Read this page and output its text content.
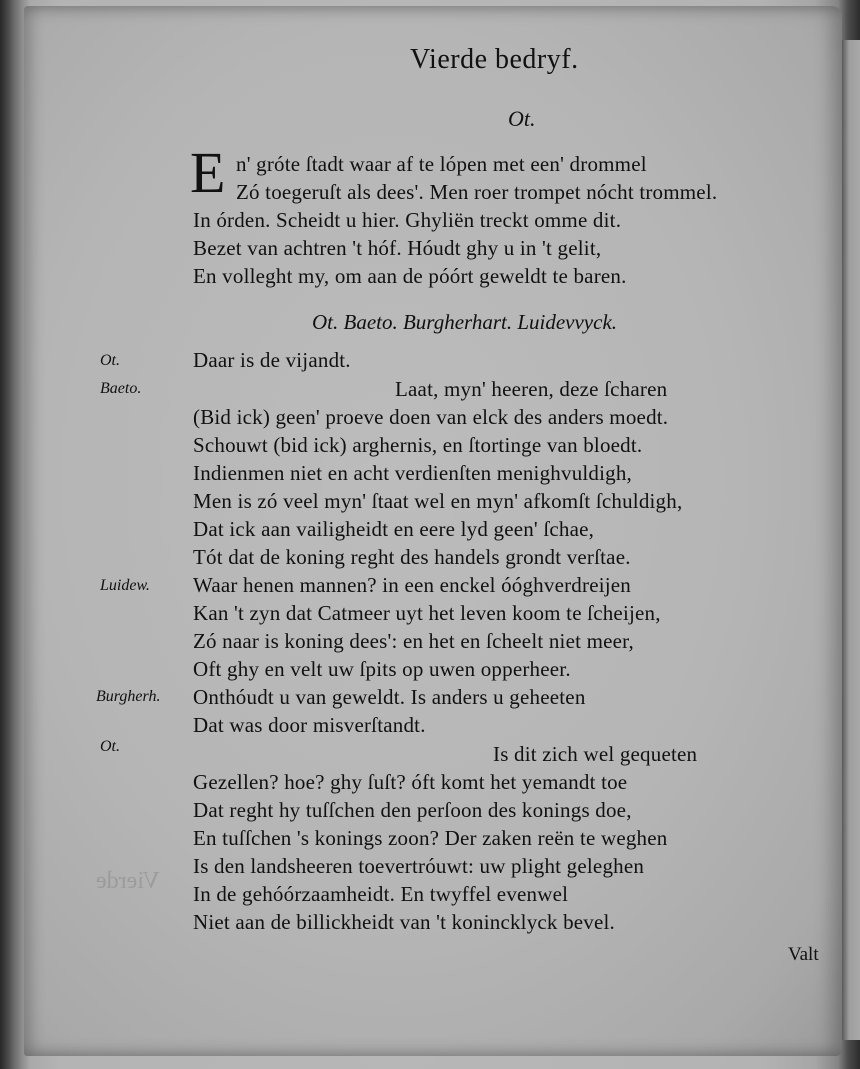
Vierde
Vierde bedryf.
Ot.
E n' gróte ſtadt waar af te lópen met een' drommel
Zó toegeruſt als dees'. Men roer trompet nócht trommel.
In órden. Scheidt u hier. Ghyliën treckt omme dit.
Bezet van achtren 't hóf. Hóudt ghy u in 't gelit,
En volleght my, om aan de póórt geweldt te baren.
Ot. Baeto. Burgherhart. Luidevvyck.
Ot.	Daar is de vijandt.
Baeto.	Laat, myn' heeren, deze ſcharen
(Bid ick) geen' proeve doen van elck des anders moedt.
Schouwt (bid ick) arghernis, en ſtortinge van bloedt.
Indienmen niet en acht verdienſten menighvuldigh,
Men is zó veel myn' ſtaat wel en myn' afkomſt ſchuldigh,
Dat ick aan vailigheidt en eere lyd geen' ſchae,
Tót dat de koning reght des handels grondt verſtae.
Luidew. Waar henen mannen? in een enckel óóghverdreijen
Kan 't zyn dat Catmeer uyt het leven koom te ſcheijen,
Zó naar is koning dees': en het en ſcheelt niet meer,
Oft ghy en velt uw ſpits op uwen opperheer.
Burgherh. Onthóudt u van geweldt. Is anders u geheeten
Dat was door misverſtandt.
Ot.	Is dit zich wel gequeten
Gezellen? hoe? ghy ſuſt? óft komt het yemandt toe
Dat reght hy tuſſchen den perſoon des konings doe,
En tuſſchen 's konings zoon? Der zaken reën te weghen
Is den landsheeren toevertróuwt: uw plight geleghen
In de gehóórzaamheidt. En twyffel evenwel
Niet aan de billickheidt van 't konincklyck bevel.
Valt
